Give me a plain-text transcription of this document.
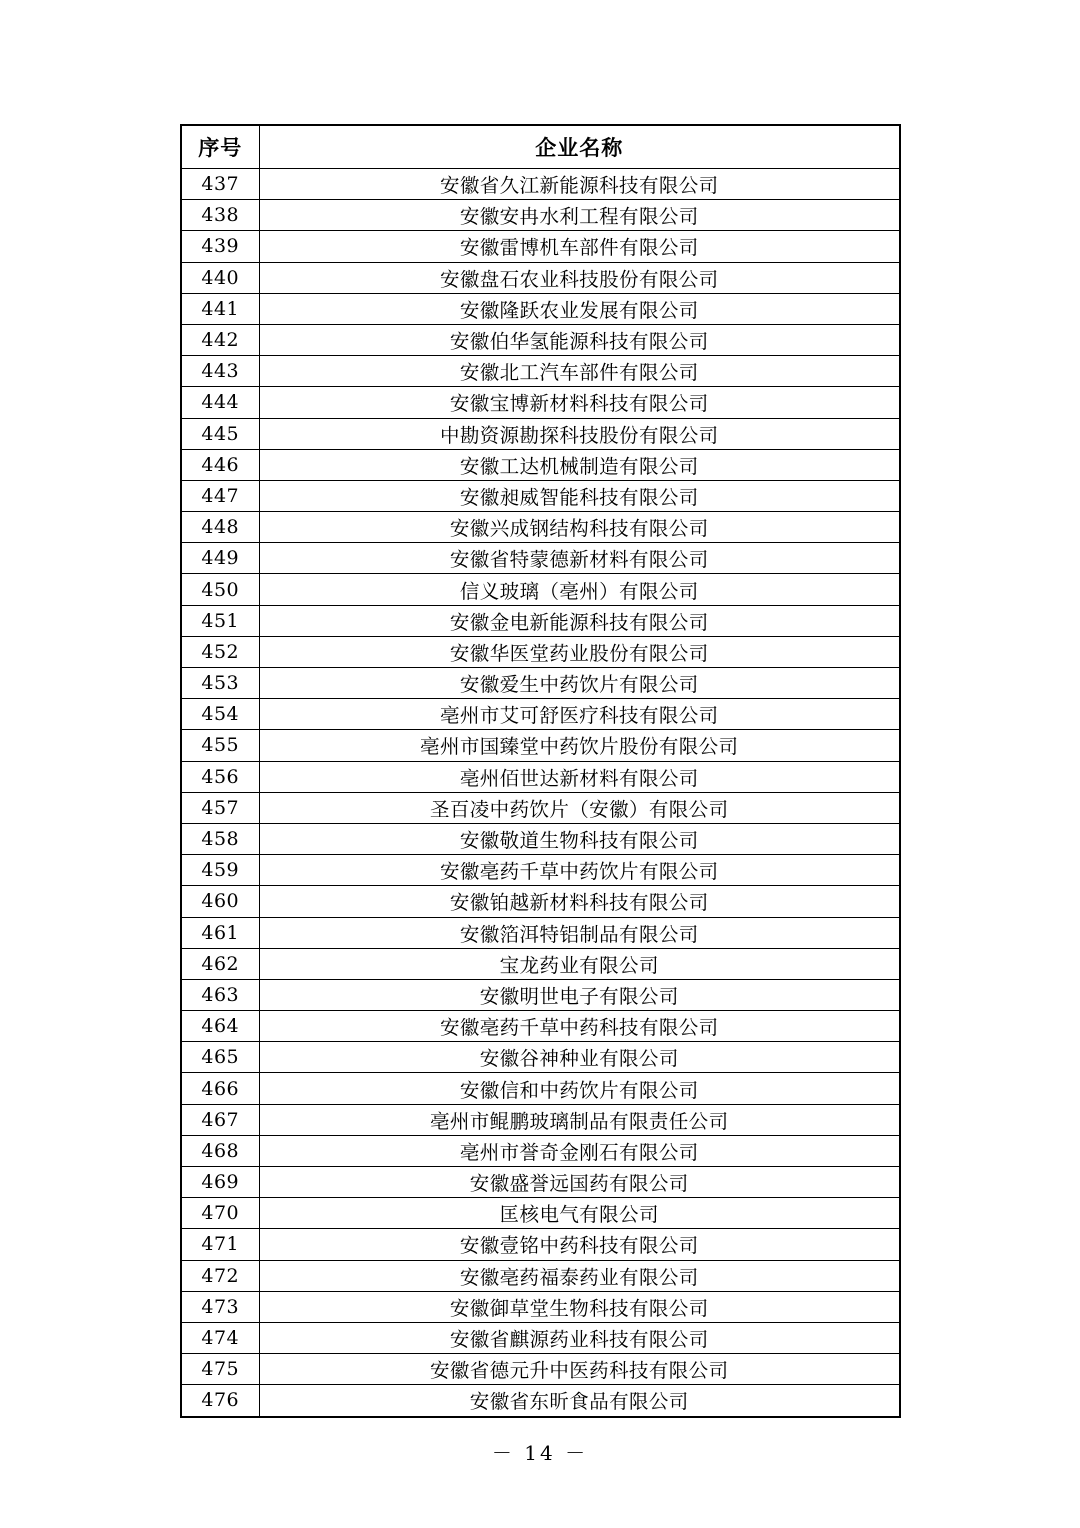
序号	企业名称
437	安徽省久江新能源科技有限公司
438	安徽安冉水利工程有限公司
439	安徽雷博机车部件有限公司
440	安徽盘石农业科技股份有限公司
441	安徽隆跃农业发展有限公司
442	安徽伯华氢能源科技有限公司
443	安徽北工汽车部件有限公司
444	安徽宝博新材料科技有限公司
445	中勘资源勘探科技股份有限公司
446	安徽工达机械制造有限公司
447	安徽昶威智能科技有限公司
448	安徽兴成钢结构科技有限公司
449	安徽省特蒙德新材料有限公司
450	信义玻璃（亳州）有限公司
451	安徽金电新能源科技有限公司
452	安徽华医堂药业股份有限公司
453	安徽爱生中药饮片有限公司
454	亳州市艾可舒医疗科技有限公司
455	亳州市国臻堂中药饮片股份有限公司
456	亳州佰世达新材料有限公司
457	圣百凌中药饮片（安徽）有限公司
458	安徽敬道生物科技有限公司
459	安徽亳药千草中药饮片有限公司
460	安徽铂越新材料科技有限公司
461	安徽箔洱特铝制品有限公司
462	宝龙药业有限公司
463	安徽明世电子有限公司
464	安徽亳药千草中药科技有限公司
465	安徽谷神种业有限公司
466	安徽信和中药饮片有限公司
467	亳州市鲲鹏玻璃制品有限责任公司
468	亳州市誉奇金刚石有限公司
469	安徽盛誉远国药有限公司
470	匡核电气有限公司
471	安徽壹铭中药科技有限公司
472	安徽亳药福泰药业有限公司
473	安徽御草堂生物科技有限公司
474	安徽省麒源药业科技有限公司
475	安徽省德元升中医药科技有限公司
476	安徽省东昕食品有限公司
－ 14 －
